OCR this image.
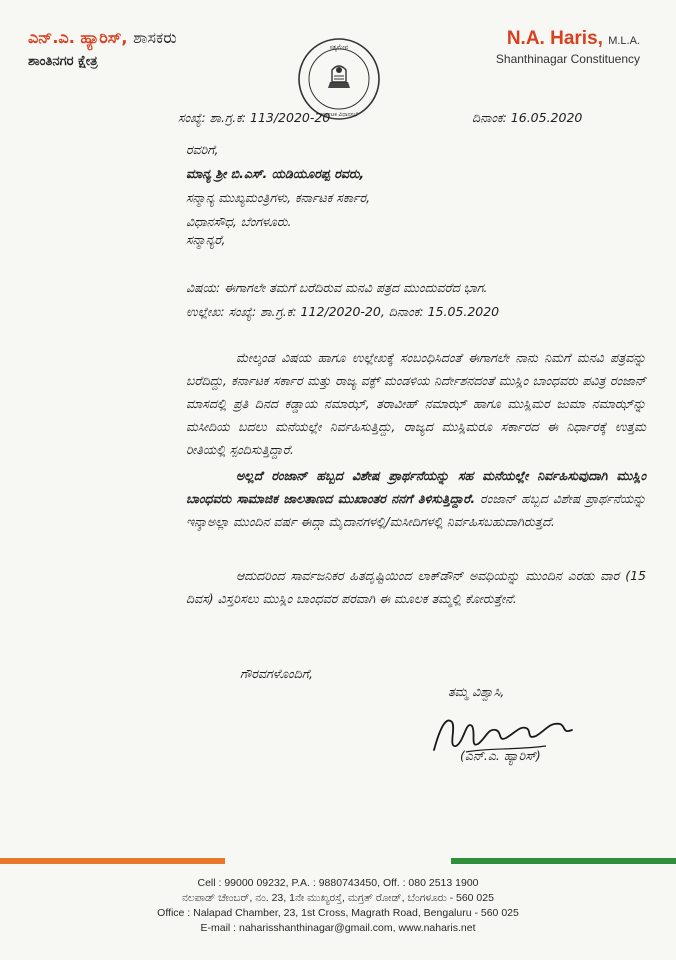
ಎನ್.ಎ. ಹ್ಯಾರಿಸ್, ಶಾಸಕರು
ಶಾಂತಿನಗರ ಕ್ಷೇತ್ರ
ಸತ್ಯಮೇವ
ಕರ್ನಾಟಕ ವಿಧಾನಸಭೆ
N.A. Haris, M.L.A.
Shanthinagar Constituency
ಸಂಖ್ಯೆ: ಶಾ.ಗ್ರ.ಕ: 113/2020-20	ದಿನಾಂಕ: 16.05.2020
ರವರಿಗೆ,
ಮಾನ್ಯ ಶ್ರೀ ಬಿ.ಎಸ್. ಯಡಿಯೂರಪ್ಪ ರವರು,
ಸನ್ಮಾನ್ಯ ಮುಖ್ಯಮಂತ್ರಿಗಳು, ಕರ್ನಾಟಕ ಸರ್ಕಾರ,
ವಿಧಾನಸೌಧ, ಬೆಂಗಳೂರು.
ಸನ್ಮಾನ್ಯರೆ,
ವಿಷಯ: ಈಗಾಗಲೇ ತಮಗೆ ಬರೆದಿರುವ ಮನವಿ ಪತ್ರದ ಮುಂದುವರೆದ ಭಾಗ.
ಉಲ್ಲೇಖ: ಸಂಖ್ಯೆ: ಶಾ.ಗ್ರ.ಕ: 112/2020-20, ದಿನಾಂಕ: 15.05.2020
ಮೇಲ್ಕಂಡ ವಿಷಯ ಹಾಗೂ ಉಲ್ಲೇಖಕ್ಕೆ ಸಂಬಂಧಿಸಿದಂತೆ ಈಗಾಗಲೇ ನಾನು ನಿಮಗೆ ಮನವಿ ಪತ್ರವನ್ನು ಬರೆದಿದ್ದು, ಕರ್ನಾಟಕ ಸರ್ಕಾರ ಮತ್ತು ರಾಜ್ಯ ವಕ್ಫ್ ಮಂಡಳಿಯ ನಿರ್ದೇಶನದಂತೆ ಮುಸ್ಲಿಂ ಬಾಂಧವರು ಪವಿತ್ರ ರಂಜಾನ್ ಮಾಸದಲ್ಲಿ ಪ್ರತಿ ದಿನದ ಕಡ್ಡಾಯ ನಮಾಝ್, ತರಾವೀಹ್ ನಮಾಝ್ ಹಾಗೂ ಮುಸ್ಲಿಮರ ಜುಮಾ ನಮಾಝ್‌ನ್ನು ಮಸೀದಿಯ ಬದಲು ಮನೆಯಲ್ಲೇ ನಿರ್ವಹಿಸುತ್ತಿದ್ದು, ರಾಜ್ಯದ ಮುಸ್ಲಿಮರೂ ಸರ್ಕಾರದ ಈ ನಿರ್ಧಾರಕ್ಕೆ ಉತ್ತಮ ರೀತಿಯಲ್ಲಿ ಸ್ಪಂದಿಸುತ್ತಿದ್ದಾರೆ.
ಅಲ್ಲದೆ ರಂಜಾನ್ ಹಬ್ಬದ ವಿಶೇಷ ಪ್ರಾರ್ಥನೆಯನ್ನು ಸಹ ಮನೆಯಲ್ಲೇ ನಿರ್ವಹಿಸುವುದಾಗಿ ಮುಸ್ಲಿಂ ಬಾಂಧವರು ಸಾಮಾಜಿಕ ಜಾಲತಾಣದ ಮುಖಾಂತರ ನನಗೆ ತಿಳಿಸುತ್ತಿದ್ದಾರೆ. ರಂಜಾನ್ ಹಬ್ಬದ ವಿಶೇಷ ಪ್ರಾರ್ಥನೆಯನ್ನು ಇನ್ಶಾಅಲ್ಲಾ ಮುಂದಿನ ವರ್ಷ ಈದ್ಗಾ ಮೈದಾನಗಳಲ್ಲಿ/ಮಸೀದಿಗಳಲ್ಲಿ ನಿರ್ವಹಿಸಬಹುದಾಗಿರುತ್ತದೆ.
ಆದುದರಿಂದ ಸಾರ್ವಜನಿಕರ ಹಿತದೃಷ್ಟಿಯಿಂದ ಲಾಕ್‌ಡೌನ್ ಅವಧಿಯನ್ನು ಮುಂದಿನ ಎರಡು ವಾರ (15 ದಿವಸ) ವಿಸ್ತರಿಸಲು ಮುಸ್ಲಿಂ ಬಾಂಧವರ ಪರವಾಗಿ ಈ ಮೂಲಕ ತಮ್ಮಲ್ಲಿ ಕೋರುತ್ತೇನೆ.
ಗೌರವಗಳೊಂದಿಗೆ,
ತಮ್ಮ ವಿಶ್ವಾಸಿ,
(ಎನ್.ಎ. ಹ್ಯಾರಿಸ್)
Cell : 99000 09232, P.A. : 9880743450, Off. : 080 2513 1900
ನಲಪಾಡ್ ಚೇಂಬರ್, ನಂ. 23, 1ನೇ ಮುಖ್ಯರಸ್ತೆ, ಮಗ್ರತ್ ರೋಡ್, ಬೆಂಗಳೂರು - 560 025
Office : Nalapad Chamber, 23, 1st Cross, Magrath Road, Bengaluru - 560 025
E-mail : naharisshanthinagar@gmail.com, www.naharis.net
